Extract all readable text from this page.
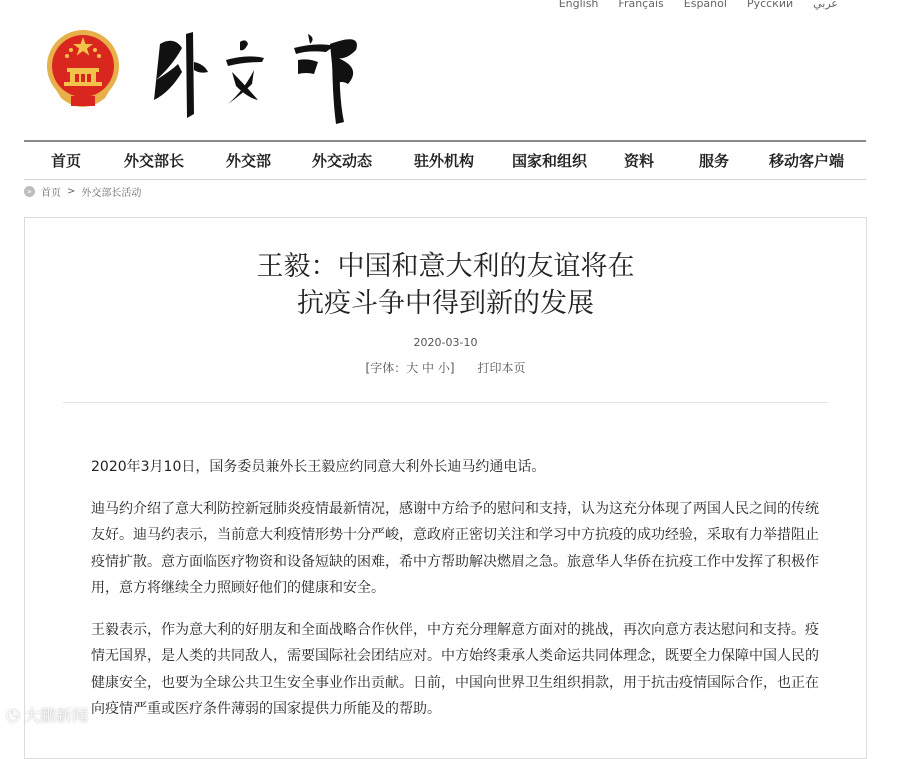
English Français Español Русский عربي
首页	外交部长	外交部	外交动态	驻外机构	国家和组织 资料	服务	移动客户端
» 首页 > 外交部长活动
王毅：中国和意大利的友谊将在
抗疫斗争中得到新的发展
2020-03-10
[字体：大 中 小] 打印本页

2020年3月10日，国务委员兼外长王毅应约同意大利外长迪马约通电话。

迪马约介绍了意大利防控新冠肺炎疫情最新情况，感谢中方给予的慰问和支持，认为这充分体现了两国人民之间的传统友好。迪马约表示，当前意大利疫情形势十分严峻，意政府正密切关注和学习中方抗疫的成功经验，采取有力举措阻止疫情扩散。意方面临医疗物资和设备短缺的困难，希中方帮助解决燃眉之急。旅意华人华侨在抗疫工作中发挥了积极作用，意方将继续全力照顾好他们的健康和安全。

王毅表示，作为意大利的好朋友和全面战略合作伙伴，中方充分理解意方面对的挑战，再次向意方表达慰问和支持。疫情无国界，是人类的共同敌人，需要国际社会团结应对。中方始终秉承人类命运共同体理念，既要全力保障中国人民的健康安全，也要为全球公共卫生安全事业作出贡献。日前，中国向世界卫生组织捐款，用于抗击疫情国际合作，也正在向疫情严重或医疗条件薄弱的国家提供力所能及的帮助。

◔ 大鹏新闻
